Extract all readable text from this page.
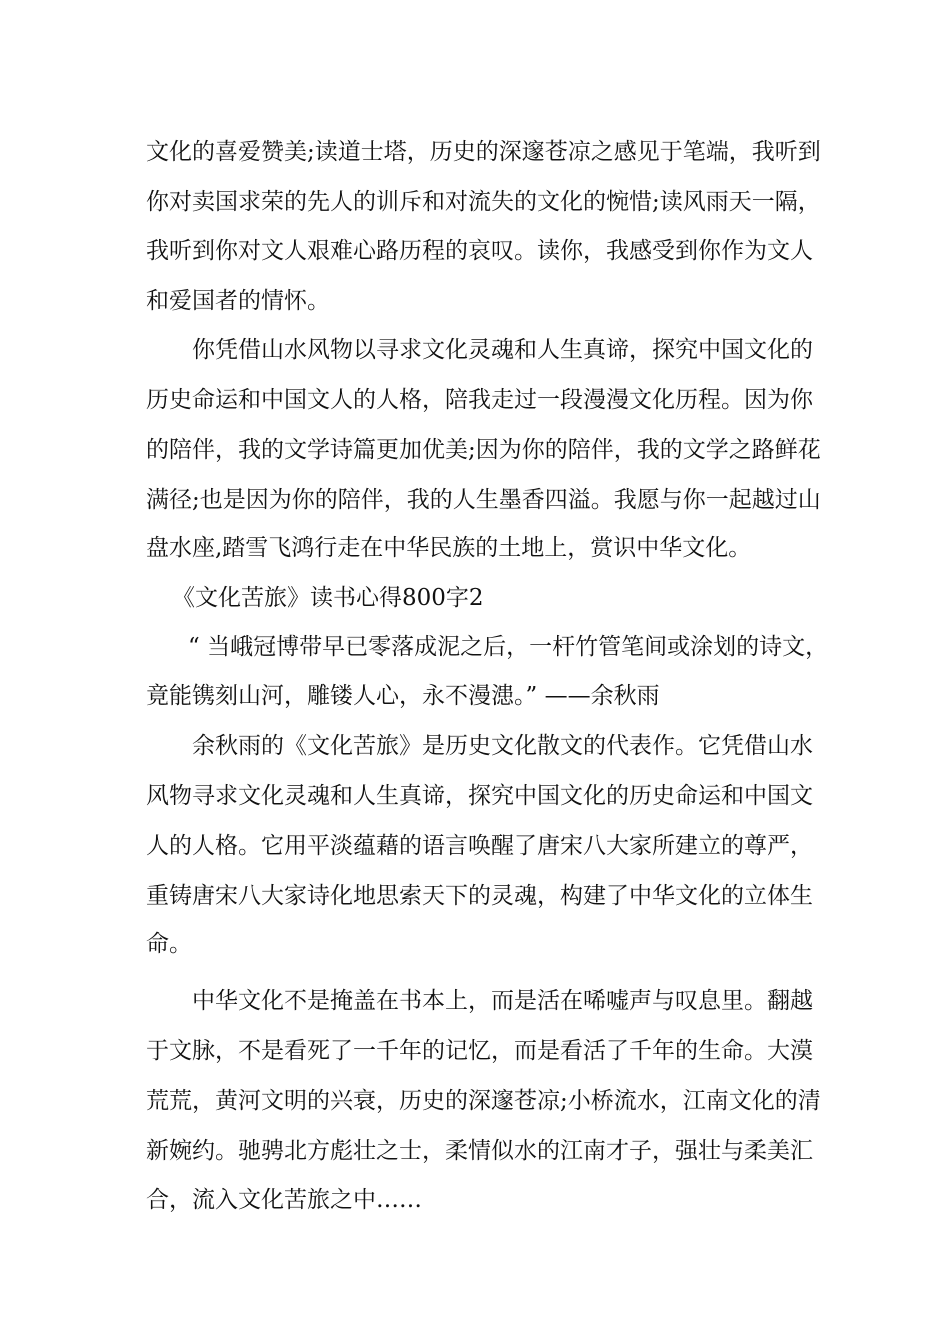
文化的喜爱赞美;读道士塔，历史的深邃苍凉之感见于笔端，我听到
你对卖国求荣的先人的训斥和对流失的文化的惋惜;读风雨天一隔，
我听到你对文人艰难心路历程的哀叹。读你，我感受到你作为文人
和爱国者的情怀。
你凭借山水风物以寻求文化灵魂和人生真谛，探究中国文化的
历史命运和中国文人的人格，陪我走过一段漫漫文化历程。因为你
的陪伴，我的文学诗篇更加优美;因为你的陪伴，我的文学之路鲜花
满径;也是因为你的陪伴，我的人生墨香四溢。我愿与你一起越过山
盘水座,踏雪飞鸿行走在中华民族的土地上，赏识中华文化。
《文化苦旅》读书心得800字2
“ 当峨冠博带早已零落成泥之后，一杆竹管笔间或涂划的诗文，
竟能镌刻山河，雕镂人心，永不漫漶。” ——余秋雨
余秋雨的《文化苦旅》是历史文化散文的代表作。它凭借山水
风物寻求文化灵魂和人生真谛，探究中国文化的历史命运和中国文
人的人格。它用平淡蕴藉的语言唤醒了唐宋八大家所建立的尊严，
重铸唐宋八大家诗化地思索天下的灵魂，构建了中华文化的立体生
命。
中华文化不是掩盖在书本上，而是活在唏嘘声与叹息里。翻越
于文脉，不是看死了一千年的记忆，而是看活了千年的生命。大漠
荒荒，黄河文明的兴衰，历史的深邃苍凉;小桥流水，江南文化的清
新婉约。驰骋北方彪壮之士，柔情似水的江南才子，强壮与柔美汇
合，流入文化苦旅之中……
